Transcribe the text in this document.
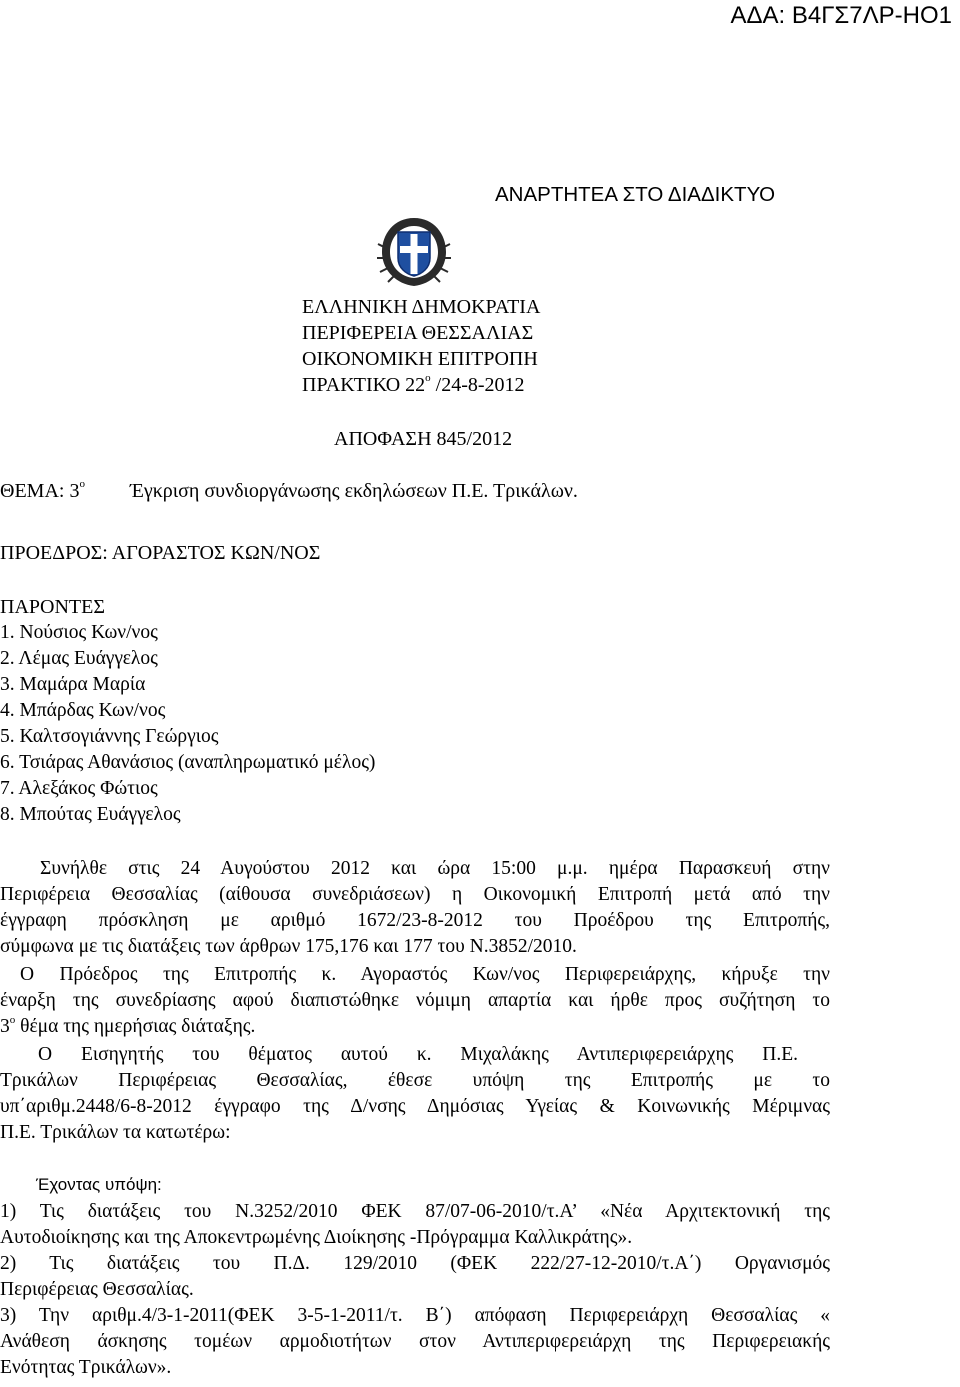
ΑΔΑ: Β4ΓΣ7ΛΡ-ΗΟ1
ΑΝΑΡΤΗΤΕΑ ΣΤΟ ΔΙΑΔΙΚΤΥΟ
ΕΛΛΗΝΙΚΗ ΔΗΜΟΚΡΑΤΙΑ
ΠΕΡΙΦΕΡΕΙΑ ΘΕΣΣΑΛΙΑΣ
ΟΙΚΟΝΟΜΙΚΗ ΕΠΙΤΡΟΠΗ
ΠΡΑΚΤΙΚΟ $22^o$ /24-8-2012
ΑΠΟΦΑΣΗ 845/2012
ΘΕΜΑ: $3^o$ Έγκριση συνδιοργάνωσης εκδηλώσεων Π.Ε. Τρικάλων.
ΠΡΟΕΔΡΟΣ: ΑΓΟΡΑΣΤΟΣ ΚΩΝ/ΝΟΣ
ΠΑΡΟΝΤΕΣ
1. Νούσιος Κων/νος
2. Λέμας Ευάγγελος
3. Μαμάρα Μαρία
4. Μπάρδας Κων/νος
5. Καλτσογιάννης Γεώργιος
6. Τσιάρας Αθανάσιος (αναπληρωματικό μέλος)
7. Αλεξάκος Φώτιος
8. Μπούτας Ευάγγελος
Συνήλθε στις 24 Αυγούστου 2012 και ώρα 15:00 μ.μ. ημέρα Παρασκευή στην
Περιφέρεια Θεσσαλίας (αίθουσα συνεδριάσεων) η Οικονομική Επιτροπή μετά από την
έγγραφη πρόσκληση με αριθμό 1672/23-8-2012 του Προέδρου της Επιτροπής,
σύμφωνα με τις διατάξεις των άρθρων 175,176 και 177 του Ν.3852/2010.
Ο Πρόεδρος της Επιτροπής κ. Αγοραστός Κων/νος Περιφερειάρχης, κήρυξε την
έναρξη της συνεδρίασης αφού διαπιστώθηκε νόμιμη απαρτία και ήρθε προς συζήτηση το
$3^o$ θέμα της ημερήσιας διάταξης.
Ο Εισηγητής του θέματος αυτού κ. Μιχαλάκης Αντιπεριφερειάρχης Π.Ε.
Τρικάλων Περιφέρειας Θεσσαλίας, έθεσε υπόψη της Επιτροπής με το
υπ΄αριθμ.2448/6-8-2012 έγγραφο της Δ/νσης Δημόσιας Υγείας & Κοινωνικής Μέριμνας
Π.Ε. Τρικάλων τα κατωτέρω:
Έχοντας υπόψη:
1) Τις διατάξεις του Ν.3252/2010 ΦΕΚ 87/07-06-2010/τ.Α’ «Νέα Αρχιτεκτονική της
Αυτοδιοίκησης και της Αποκεντρωμένης Διοίκησης -Πρόγραμμα Καλλικράτης».
2) Τις διατάξεις του Π.Δ. 129/2010 (ΦΕΚ 222/27-12-2010/τ.Α΄) Οργανισμός
Περιφέρειας Θεσσαλίας.
3) Την αριθμ.4/3-1-2011(ΦΕΚ 3-5-1-2011/τ. Β΄) απόφαση Περιφερειάρχη Θεσσαλίας «
Ανάθεση άσκησης τομέων αρμοδιοτήτων στον Αντιπεριφερειάρχη της Περιφερειακής
Ενότητας Τρικάλων».
